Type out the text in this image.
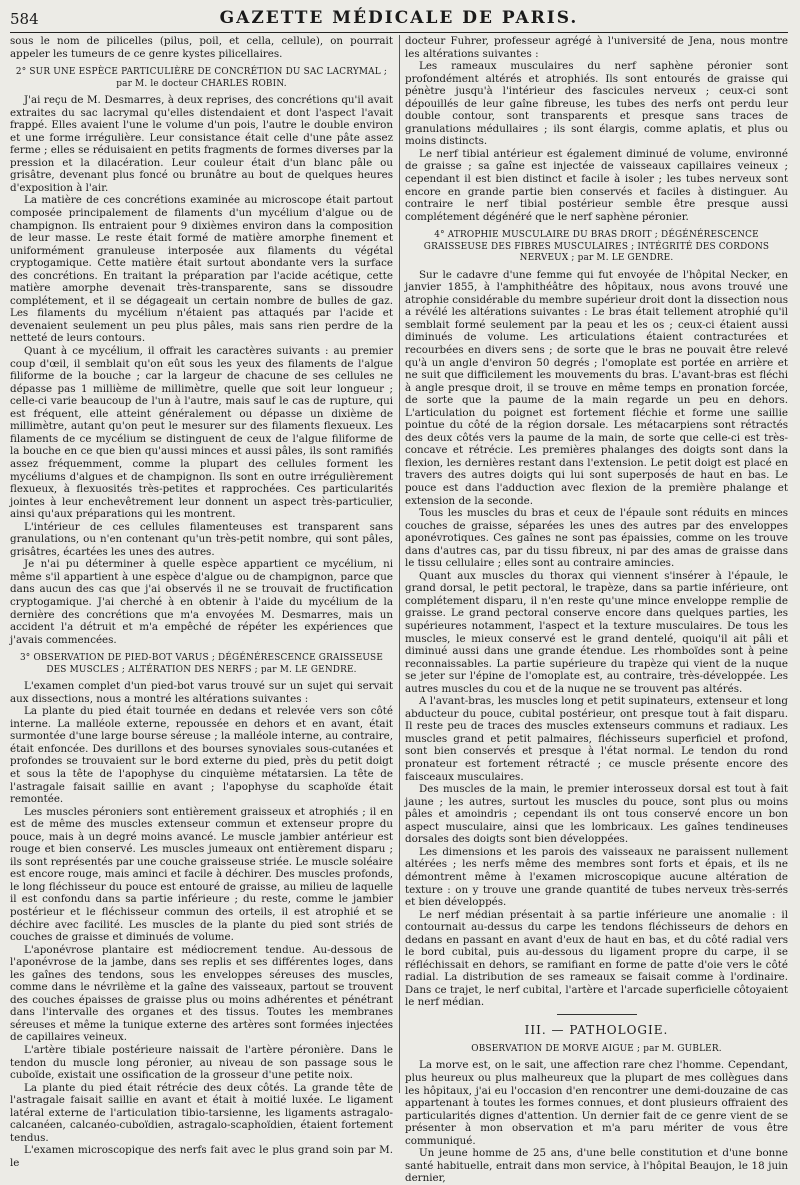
584	GAZETTE MÉDICALE DE PARIS.

sous le nom de pilicelles (pilus, poil, et cella, cellule), on pourrait appeler les tumeurs de ce genre kystes pilicellaires.

2° SUR UNE ESPÈCE PARTICULIÈRE DE CONCRÉTION DU SAC LACRYMAL ; par M. le docteur CHARLES ROBIN.

J'ai reçu de M. Desmarres, à deux reprises, des concrétions qu'il avait extraites du sac lacrymal qu'elles distendaient et dont l'aspect l'avait frappé. Elles avaient l'une le volume d'un pois, l'autre le double environ et une forme irrégulière. Leur consistance était celle d'une pâte assez ferme ; elles se réduisaient en petits fragments de formes diverses par la pression et la dilacération. Leur couleur était d'un blanc pâle ou grisâtre, devenant plus foncé ou brunâtre au bout de quelques heures d'exposition à l'air.

La matière de ces concrétions examinée au microscope était partout composée principalement de filaments d'un mycélium d'algue ou de champignon. Ils entraient pour 9 dixièmes environ dans la composition de leur masse. Le reste était formé de matière amorphe finement et uniformément granuleuse interposée aux filaments du végétal cryptogamique. Cette matière était surtout abondante vers la surface des concrétions. En traitant la préparation par l'acide acétique, cette matière amorphe devenait très-transparente, sans se dissoudre complétement, et il se dégageait un certain nombre de bulles de gaz. Les filaments du mycélium n'étaient pas attaqués par l'acide et devenaient seulement un peu plus pâles, mais sans rien perdre de la netteté de leurs contours.

Quant à ce mycélium, il offrait les caractères suivants : au premier coup d'œil, il semblait qu'on eût sous les yeux des filaments de l'algue filiforme de la bouche ; car la largeur de chacune de ses cellules ne dépasse pas 1 millième de millimètre, quelle que soit leur longueur ; celle-ci varie beaucoup de l'un à l'autre, mais sauf le cas de rupture, qui est fréquent, elle atteint généralement ou dépasse un dixième de millimètre, autant qu'on peut le mesurer sur des filaments flexueux. Les filaments de ce mycélium se distinguent de ceux de l'algue filiforme de la bouche en ce que bien qu'aussi minces et aussi pâles, ils sont ramifiés assez fréquemment, comme la plupart des cellules forment les mycéliums d'algues et de champignon. Ils sont en outre irrégulièrement flexueux, à flexuosités très-petites et rapprochées. Ces particularités jointes à leur enchevêtrement leur donnent un aspect très-particulier, ainsi qu'aux préparations qui les montrent.

L'intérieur de ces cellules filamenteuses est transparent sans granulations, ou n'en contenant qu'un très-petit nombre, qui sont pâles, grisâtres, écartées les unes des autres.

Je n'ai pu déterminer à quelle espèce appartient ce mycélium, ni même s'il appartient à une espèce d'algue ou de champignon, parce que dans aucun des cas que j'ai observés il ne se trouvait de fructification cryptogamique. J'ai cherché à en obtenir à l'aide du mycélium de la dernière des concrétions que m'a envoyées M. Desmarres, mais un accident l'a détruit et m'a empêché de répéter les expériences que j'avais commencées.

3° OBSERVATION DE PIED-BOT VARUS ; DÉGÉNÉRESCENCE GRAISSEUSE DES MUSCLES ; ALTÉRATION DES NERFS ; par M. LE GENDRE.

L'examen complet d'un pied-bot varus trouvé sur un sujet qui servait aux dissections, nous a montré les altérations suivantes :

La plante du pied était tournée en dedans et relevée vers son côté interne. La malléole externe, repoussée en dehors et en avant, était surmontée d'une large bourse séreuse ; la malléole interne, au contraire, était enfoncée. Des durillons et des bourses synoviales sous-cutanées et profondes se trouvaient sur le bord externe du pied, près du petit doigt et sous la tête de l'apophyse du cinquième métatarsien. La tête de l'astragale faisait saillie en avant ; l'apophyse du scaphoïde était remontée.

Les muscles péroniers sont entièrement graisseux et atrophiés ; il en est de même des muscles extenseur commun et extenseur propre du pouce, mais à un degré moins avancé. Le muscle jambier antérieur est rouge et bien conservé. Les muscles jumeaux ont entièrement disparu ; ils sont représentés par une couche graisseuse striée. Le muscle soléaire est encore rouge, mais aminci et facile à déchirer. Des muscles profonds, le long fléchisseur du pouce est entouré de graisse, au milieu de laquelle il est confondu dans sa partie inférieure ; du reste, comme le jambier postérieur et le fléchisseur commun des orteils, il est atrophié et se déchire avec facilité. Les muscles de la plante du pied sont striés de couches de graisse et diminués de volume.

L'aponévrose plantaire est médiocrement tendue. Au-dessous de l'aponévrose de la jambe, dans ses replis et ses différentes loges, dans les gaînes des tendons, sous les enveloppes séreuses des muscles, comme dans le névrilème et la gaîne des vaisseaux, partout se trouvent des couches épaisses de graisse plus ou moins adhérentes et pénétrant dans l'intervalle des organes et des tissus. Toutes les membranes séreuses et même la tunique externe des artères sont formées injectées de capillaires veineux.

L'artère tibiale postérieure naissait de l'artère péronière. Dans le tendon du muscle long péronier, au niveau de son passage sous le cuboïde, existait une ossification de la grosseur d'une petite noix.

La plante du pied était rétrécie des deux côtés. La grande tête de l'astragale faisait saillie en avant et était à moitié luxée. Le ligament latéral externe de l'articulation tibio-tarsienne, les ligaments astragalo-calcanéen, calcanéo-cuboïdien, astragalo-scaphoïdien, étaient fortement tendus.

L'examen microscopique des nerfs fait avec le plus grand soin par M. le

docteur Fuhrer, professeur agrégé à l'université de Jena, nous montre les altérations suivantes :

Les rameaux musculaires du nerf saphène péronier sont profondément altérés et atrophiés. Ils sont entourés de graisse qui pénètre jusqu'à l'intérieur des fascicules nerveux ; ceux-ci sont dépouillés de leur gaîne fibreuse, les tubes des nerfs ont perdu leur double contour, sont transparents et presque sans traces de granulations médullaires ; ils sont élargis, comme aplatis, et plus ou moins distincts.

Le nerf tibial antérieur est également diminué de volume, environné de graisse ; sa gaîne est injectée de vaisseaux capillaires veineux ; cependant il est bien distinct et facile à isoler ; les tubes nerveux sont encore en grande partie bien conservés et faciles à distinguer. Au contraire le nerf tibial postérieur semble être presque aussi complétement dégénéré que le nerf saphène péronier.

4° ATROPHIE MUSCULAIRE DU BRAS DROIT ; DÉGÉNÉRESCENCE GRAISSEUSE DES FIBRES MUSCULAIRES ; INTÉGRITÉ DES CORDONS NERVEUX ; par M. LE GENDRE.

Sur le cadavre d'une femme qui fut envoyée de l'hôpital Necker, en janvier 1855, à l'amphithéâtre des hôpitaux, nous avons trouvé une atrophie considérable du membre supérieur droit dont la dissection nous a révélé les altérations suivantes : Le bras était tellement atrophié qu'il semblait formé seulement par la peau et les os ; ceux-ci étaient aussi diminués de volume. Les articulations étaient contracturées et recourbées en divers sens ; de sorte que le bras ne pouvait être relevé qu'à un angle d'environ 50 degrés ; l'omoplate est portée en arrière et ne suit que difficilement les mouvements du bras. L'avant-bras est fléchi à angle presque droit, il se trouve en même temps en pronation forcée, de sorte que la paume de la main regarde un peu en dehors. L'articulation du poignet est fortement fléchie et forme une saillie pointue du côté de la région dorsale. Les métacarpiens sont rétractés des deux côtés vers la paume de la main, de sorte que celle-ci est très-concave et rétrécie. Les premières phalanges des doigts sont dans la flexion, les dernières restant dans l'extension. Le petit doigt est placé en travers des autres doigts qui lui sont superposés de haut en bas. Le pouce est dans l'adduction avec flexion de la première phalange et extension de la seconde.

Tous les muscles du bras et ceux de l'épaule sont réduits en minces couches de graisse, séparées les unes des autres par des enveloppes aponévrotiques. Ces gaînes ne sont pas épaissies, comme on les trouve dans d'autres cas, par du tissu fibreux, ni par des amas de graisse dans le tissu cellulaire ; elles sont au contraire amincies.

Quant aux muscles du thorax qui viennent s'insérer à l'épaule, le grand dorsal, le petit pectoral, le trapèze, dans sa partie inférieure, ont complétement disparu, il n'en reste qu'une mince enveloppe remplie de graisse. Le grand pectoral conserve encore dans quelques parties, les supérieures notamment, l'aspect et la texture musculaires. De tous les muscles, le mieux conservé est le grand dentelé, quoiqu'il ait pâli et diminué aussi dans une grande étendue. Les rhomboïdes sont à peine reconnaissables. La partie supérieure du trapèze qui vient de la nuque se jeter sur l'épine de l'omoplate est, au contraire, très-développée. Les autres muscles du cou et de la nuque ne se trouvent pas altérés.

A l'avant-bras, les muscles long et petit supinateurs, extenseur et long abducteur du pouce, cubital postérieur, ont presque tout à fait disparu. Il reste peu de traces des muscles extenseurs communs et radiaux. Les muscles grand et petit palmaires, fléchisseurs superficiel et profond, sont bien conservés et presque à l'état normal. Le tendon du rond pronateur est fortement rétracté ; ce muscle présente encore des faisceaux musculaires.

Des muscles de la main, le premier interosseux dorsal est tout à fait jaune ; les autres, surtout les muscles du pouce, sont plus ou moins pâles et amoindris ; cependant ils ont tous conservé encore un bon aspect musculaire, ainsi que les lombricaux. Les gaînes tendineuses dorsales des doigts sont bien développées.

Les dimensions et les parois des vaisseaux ne paraissent nullement altérées ; les nerfs même des membres sont forts et épais, et ils ne démontrent même à l'examen microscopique aucune altération de texture : on y trouve une grande quantité de tubes nerveux très-serrés et bien développés.

Le nerf médian présentait à sa partie inférieure une anomalie : il contournait au-dessus du carpe les tendons fléchisseurs de dehors en dedans en passant en avant d'eux de haut en bas, et du côté radial vers le bord cubital, puis au-dessous du ligament propre du carpe, il se réfléchissait en dehors, se ramifiant en forme de patte d'oie vers le côté radial. La distribution de ses rameaux se faisait comme à l'ordinaire. Dans ce trajet, le nerf cubital, l'artère et l'arcade superficielle côtoyaient le nerf médian.

III. — PATHOLOGIE.
OBSERVATION DE MORVE AIGUE ; par M. GUBLER.

La morve est, on le sait, une affection rare chez l'homme. Cependant, plus heureux ou plus malheureux que la plupart de mes collègues dans les hôpitaux, j'ai eu l'occasion d'en rencontrer une demi-douzaine de cas appartenant à toutes les formes connues, et dont plusieurs offraient des particularités dignes d'attention. Un dernier fait de ce genre vient de se présenter à mon observation et m'a paru mériter de vous être communiqué.

Un jeune homme de 25 ans, d'une belle constitution et d'une bonne santé habituelle, entrait dans mon service, à l'hôpital Beaujon, le 18 juin dernier,
